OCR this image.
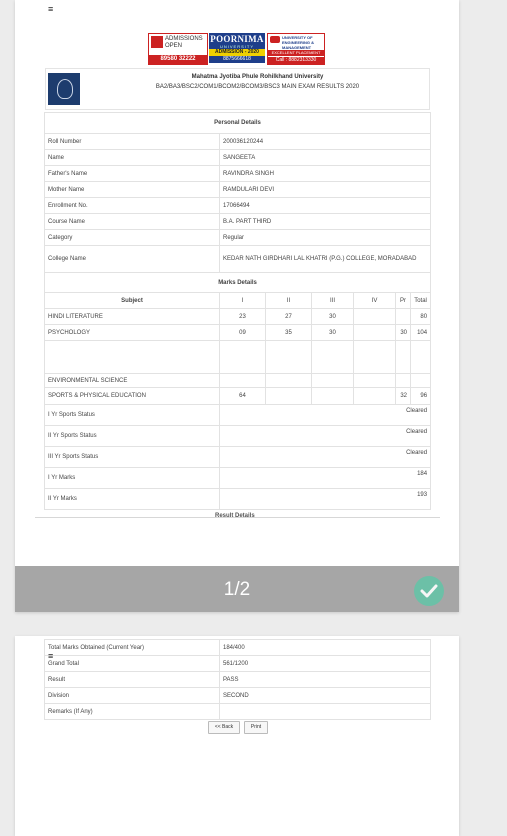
≡
ADMISSIONS
OPEN
89580 32222
POORNIMA
UNIVERSITY
ADMISSION - 2020
8875666618
UNIVERSITY OF
ENGINEERING &
MANAGEMENT
EXCELLENT PLACEMENT
Call : 8882313330
Mahatma Jyotiba Phule Rohilkhand University
BA2/BA3/BSC2/COM1/BCOM2/BCOM3/BSC3 MAIN EXAM RESULTS 2020
Personal Details	
Roll Number	200036120244
Name	SANGEETA
Father's Name	RAVINDRA SINGH
Mother Name	RAMDULARI DEVI
Enrollment No.	17066494
Course Name	B.A. PART THIRD
Category	Regular
College Name	KEDAR NATH GIRDHARI LAL KHATRI (P.G.) COLLEGE, MORADABAD
Marks Details						
Subject	I	II	III	IV	Pr	Total
HINDI LITERATURE	23	27	30			80
PSYCHOLOGY	09	35	30		30	104

ENVIRONMENTAL SCIENCE						
SPORTS & PHYSICAL EDUCATION	64				32	96
I Yr Sports Status	Cleared					
II Yr Sports Status	Cleared					
III Yr Sports Status	Cleared					
I Yr Marks	184					
II Yr Marks	193					
Result Details
1/2
Total Marks Obtained (Current Year)	184/400
Grand Total	561/1200
Result	PASS
Division	SECOND
Remarks (If Any)	
≡
<< Back	Print
